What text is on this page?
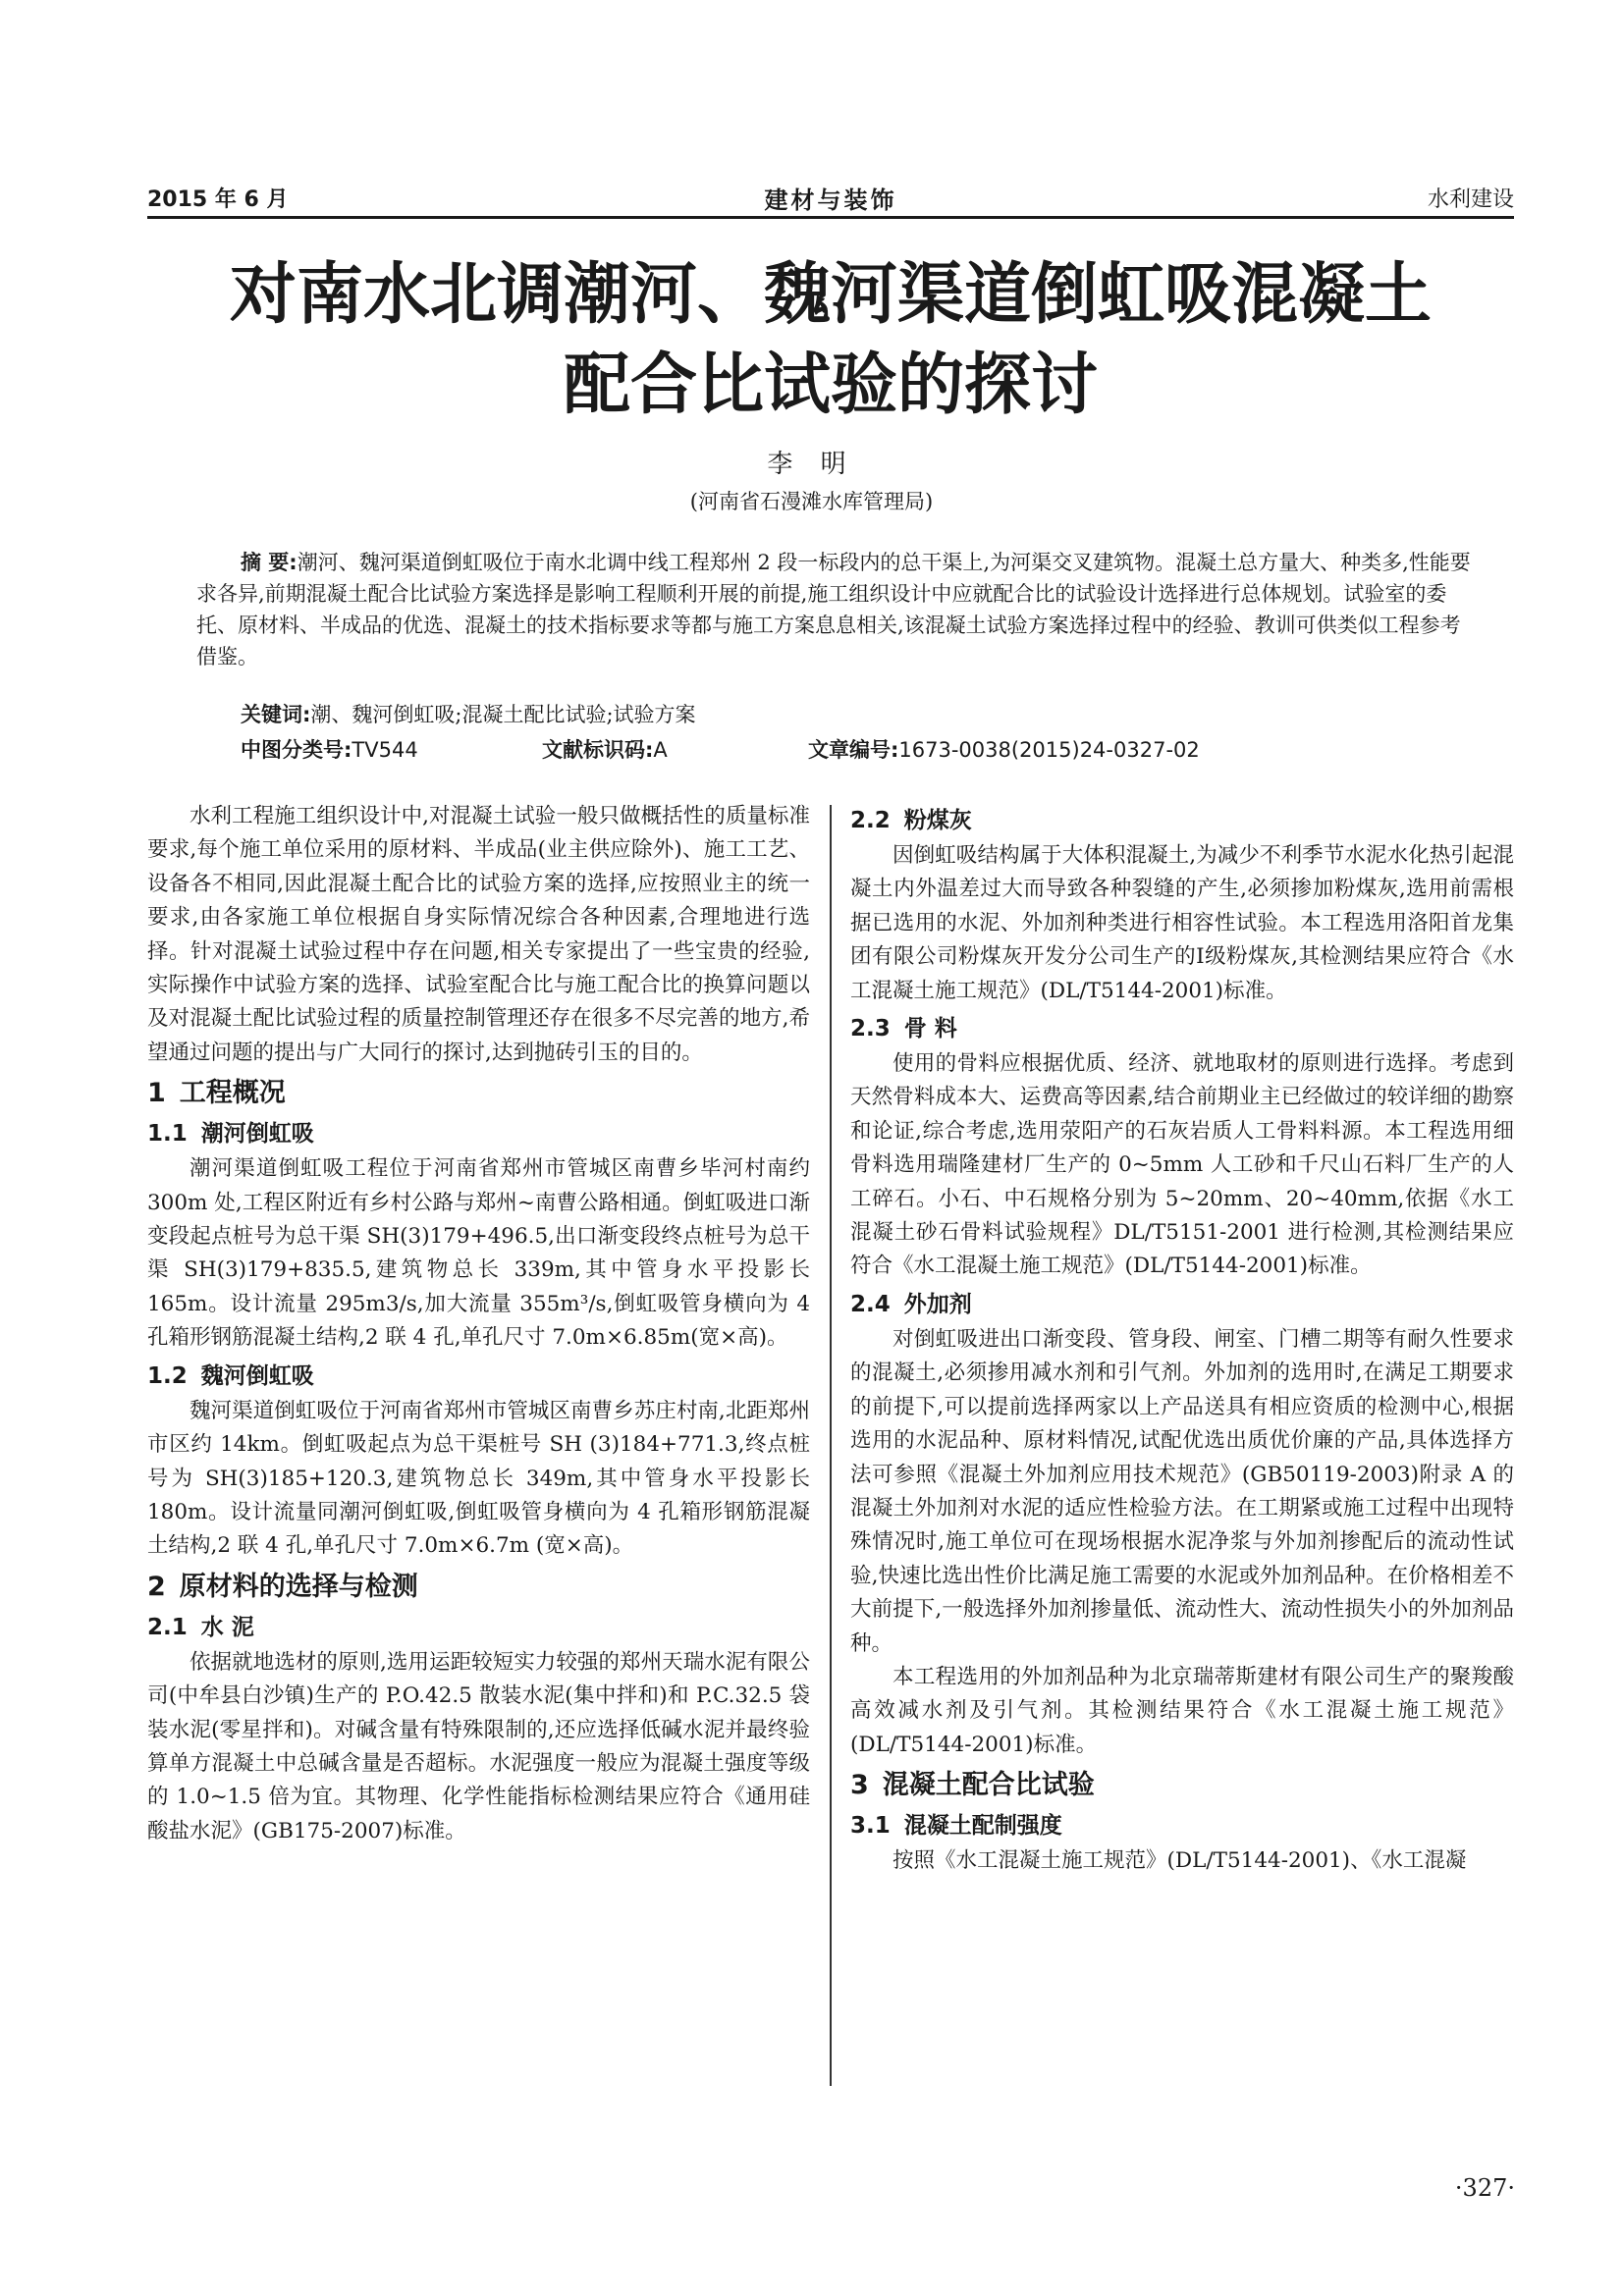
2015 年 6 月	建材与装饰	水利建设
对南水北调潮河、魏河渠道倒虹吸混凝土
配合比试验的探讨
李 明
(河南省石漫滩水库管理局)
摘 要:潮河、魏河渠道倒虹吸位于南水北调中线工程郑州 2 段一标段内的总干渠上,为河渠交叉建筑物。混凝土总方量大、种类多,性能要求各异,前期混凝土配合比试验方案选择是影响工程顺利开展的前提,施工组织设计中应就配合比的试验设计选择进行总体规划。试验室的委托、原材料、半成品的优选、混凝土的技术指标要求等都与施工方案息息相关,该混凝土试验方案选择过程中的经验、教训可供类似工程参考借鉴。
关键词:潮、魏河倒虹吸;混凝土配比试验;试验方案
中图分类号:TV544	文献标识码:A	文章编号:1673-0038(2015)24-0327-02

水利工程施工组织设计中,对混凝土试验一般只做概括性的质量标准要求,每个施工单位采用的原材料、半成品(业主供应除外)、施工工艺、设备各不相同,因此混凝土配合比的试验方案的选择,应按照业主的统一要求,由各家施工单位根据自身实际情况综合各种因素,合理地进行选择。针对混凝土试验过程中存在问题,相关专家提出了一些宝贵的经验,实际操作中试验方案的选择、试验室配合比与施工配合比的换算问题以及对混凝土配比试验过程的质量控制管理还存在很多不尽完善的地方,希望通过问题的提出与广大同行的探讨,达到抛砖引玉的目的。

1 工程概况
1.1 潮河倒虹吸

潮河渠道倒虹吸工程位于河南省郑州市管城区南曹乡毕河村南约 300m 处,工程区附近有乡村公路与郑州~南曹公路相通。倒虹吸进口渐变段起点桩号为总干渠 SH(3)179+496.5,出口渐变段终点桩号为总干渠 SH(3)179+835.5,建筑物总长 339m,其中管身水平投影长 165m。设计流量 295m3/s,加大流量 355m³/s,倒虹吸管身横向为 4 孔箱形钢筋混凝土结构,2 联 4 孔,单孔尺寸 7.0m×6.85m(宽×高)。

1.2 魏河倒虹吸

魏河渠道倒虹吸位于河南省郑州市管城区南曹乡苏庄村南,北距郑州市区约 14km。倒虹吸起点为总干渠桩号 SH (3)184+771.3,终点桩号为 SH(3)185+120.3,建筑物总长 349m,其中管身水平投影长 180m。设计流量同潮河倒虹吸,倒虹吸管身横向为 4 孔箱形钢筋混凝土结构,2 联 4 孔,单孔尺寸 7.0m×6.7m (宽×高)。

2 原材料的选择与检测
2.1 水 泥

依据就地选材的原则,选用运距较短实力较强的郑州天瑞水泥有限公司(中牟县白沙镇)生产的 P.O.42.5 散装水泥(集中拌和)和 P.C.32.5 袋装水泥(零星拌和)。对碱含量有特殊限制的,还应选择低碱水泥并最终验算单方混凝土中总碱含量是否超标。水泥强度一般应为混凝土强度等级的 1.0~1.5 倍为宜。其物理、化学性能指标检测结果应符合《通用硅酸盐水泥》(GB175-2007)标准。

2.2 粉煤灰

因倒虹吸结构属于大体积混凝土,为减少不利季节水泥水化热引起混凝土内外温差过大而导致各种裂缝的产生,必须掺加粉煤灰,选用前需根据已选用的水泥、外加剂种类进行相容性试验。本工程选用洛阳首龙集团有限公司粉煤灰开发分公司生产的Ⅰ级粉煤灰,其检测结果应符合《水工混凝土施工规范》(DL/T5144-2001)标准。

2.3 骨 料

使用的骨料应根据优质、经济、就地取材的原则进行选择。考虑到天然骨料成本大、运费高等因素,结合前期业主已经做过的较详细的勘察和论证,综合考虑,选用荥阳产的石灰岩质人工骨料料源。本工程选用细骨料选用瑞隆建材厂生产的 0~5mm 人工砂和千尺山石料厂生产的人工碎石。小石、中石规格分别为 5~20mm、20~40mm,依据《水工混凝土砂石骨料试验规程》DL/T5151-2001 进行检测,其检测结果应符合《水工混凝土施工规范》(DL/T5144-2001)标准。

2.4 外加剂

对倒虹吸进出口渐变段、管身段、闸室、门槽二期等有耐久性要求的混凝土,必须掺用减水剂和引气剂。外加剂的选用时,在满足工期要求的前提下,可以提前选择两家以上产品送具有相应资质的检测中心,根据选用的水泥品种、原材料情况,试配优选出质优价廉的产品,具体选择方法可参照《混凝土外加剂应用技术规范》(GB50119-2003)附录 A 的混凝土外加剂对水泥的适应性检验方法。在工期紧或施工过程中出现特殊情况时,施工单位可在现场根据水泥净浆与外加剂掺配后的流动性试验,快速比选出性价比满足施工需要的水泥或外加剂品种。在价格相差不大前提下,一般选择外加剂掺量低、流动性大、流动性损失小的外加剂品种。

本工程选用的外加剂品种为北京瑞蒂斯建材有限公司生产的聚羧酸高效减水剂及引气剂。其检测结果符合《水工混凝土施工规范》(DL/T5144-2001)标准。

3 混凝土配合比试验
3.1 混凝土配制强度

按照《水工混凝土施工规范》(DL/T5144-2001)、《水工混凝

·327·
